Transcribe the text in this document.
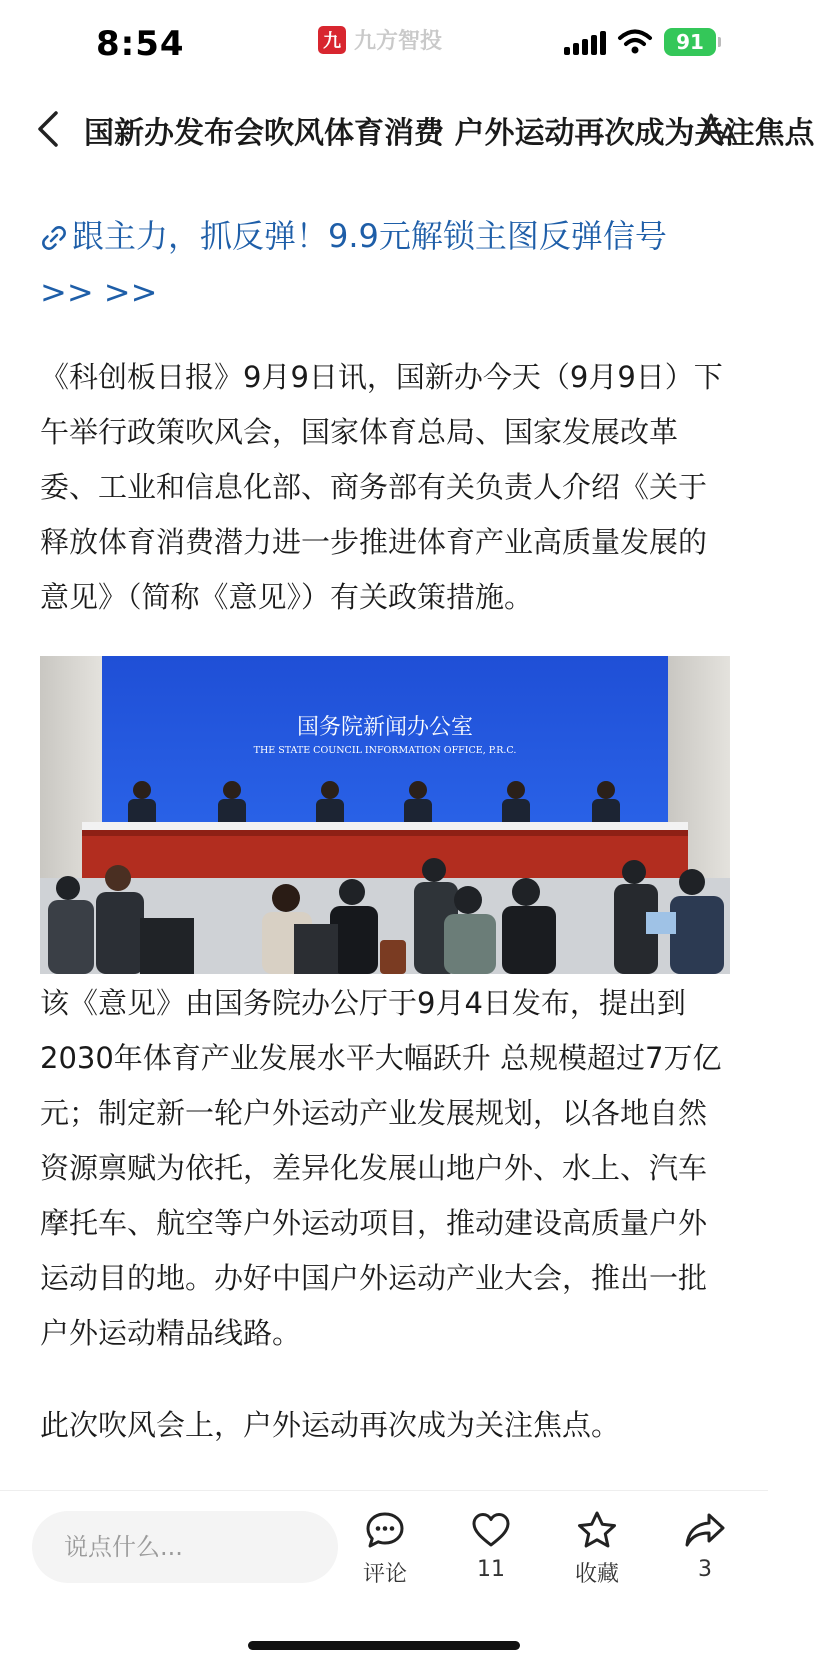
8:54	九 九方智投	91
国新办发布会吹风体育消费 户外运动再次成为关注焦点
跟主力，抓反弹！9.9元解锁主图反弹信号 >> >>
《科创板日报》9月9日讯，国新办今天（9月9日）下午举行政策吹风会，国家体育总局、国家发展改革委、工业和信息化部、商务部有关负责人介绍《关于释放体育消费潜力进一步推进体育产业高质量发展的意见》（简称《意见》）有关政策措施。
国务院新闻办公室
THE STATE COUNCIL INFORMATION OFFICE, P.R.C.
该《意见》由国务院办公厅于9月4日发布，提出到2030年体育产业发展水平大幅跃升 总规模超过7万亿元；制定新一轮户外运动产业发展规划，以各地自然资源禀赋为依托，差异化发展山地户外、水上、汽车摩托车、航空等户外运动项目，推动建设高质量户外运动目的地。办好中国户外运动产业大会，推出一批户外运动精品线路。
此次吹风会上，户外运动再次成为关注焦点。
说点什么...
评论	11	收藏	3
